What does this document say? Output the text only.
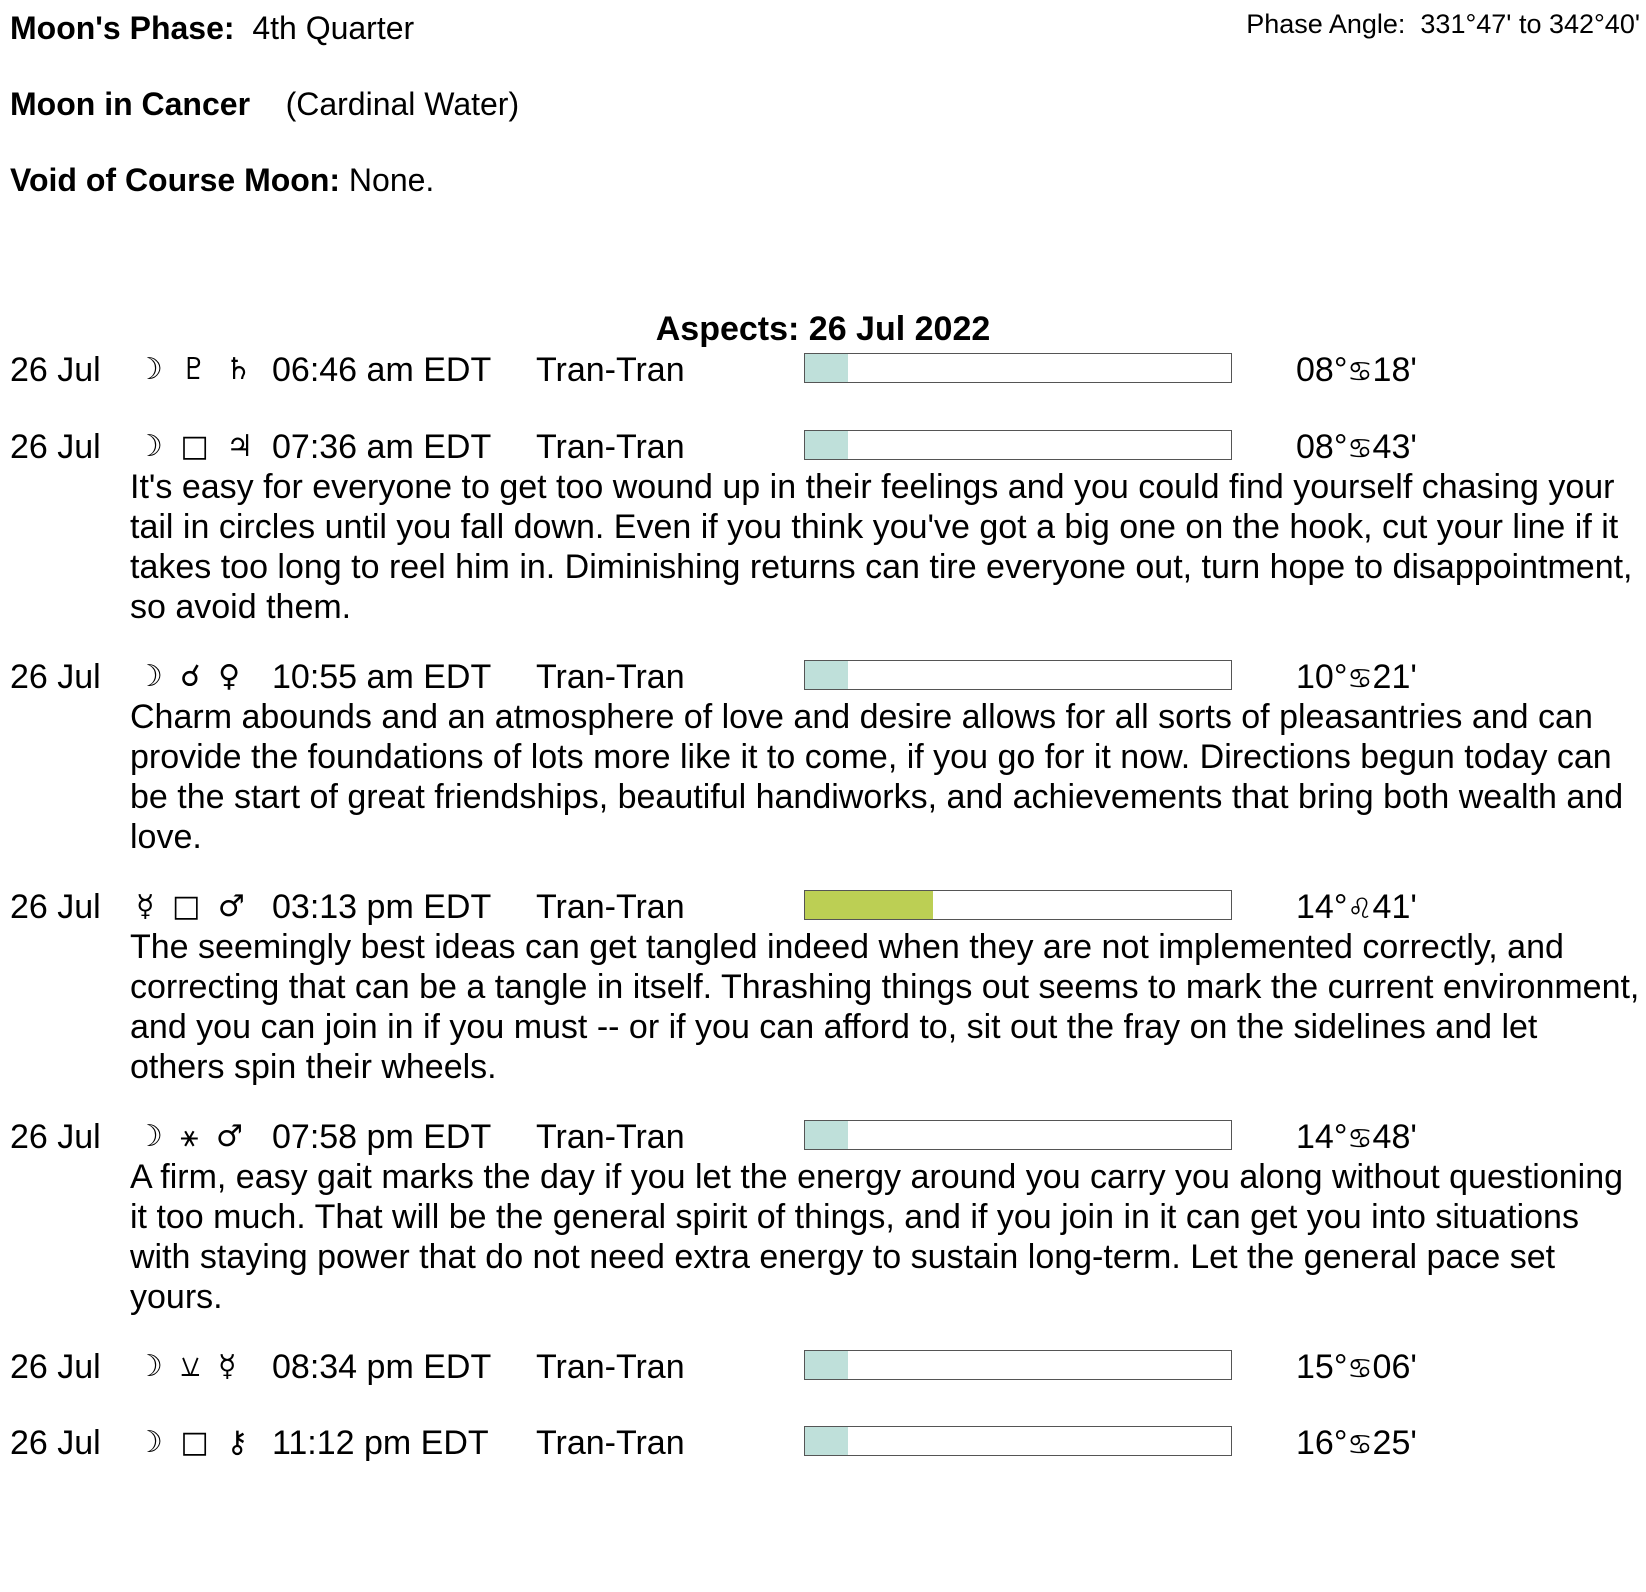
Moon's Phase: 4th Quarter	Phase Angle: 331°47' to 342°40'
Moon in Cancer (Cardinal Water)
Void of Course Moon: None.
Aspects: 26 Jul 2022
26 Jul ☽ ♇ ♄ 06:46 am EDT Tran-Tran	08°♋18'
26 Jul ☽ □ ♃ 07:36 am EDT Tran-Tran	08°♋43'

It's easy for everyone to get too wound up in their feelings and you could find yourself chasing your tail in circles until you fall down. Even if you think you've got a big one on the hook, cut your line if it takes too long to reel him in. Diminishing returns can tire everyone out, turn hope to disappointment, so avoid them.

26 Jul ☽ ☌ ♀ 10:55 am EDT Tran-Tran	10°♋21'

Charm abounds and an atmosphere of love and desire allows for all sorts of pleasantries and can provide the foundations of lots more like it to come, if you go for it now. Directions begun today can be the start of great friendships, beautiful handiworks, and achievements that bring both wealth and love.

26 Jul ☿ □ ♂ 03:13 pm EDT Tran-Tran	14°♌41'

The seemingly best ideas can get tangled indeed when they are not implemented correctly, and correcting that can be a tangle in itself. Thrashing things out seems to mark the current environment, and you can join in if you must -- or if you can afford to, sit out the fray on the sidelines and let others spin their wheels.

26 Jul ☽ ⚹ ♂ 07:58 pm EDT Tran-Tran	14°♋48'

A firm, easy gait marks the day if you let the energy around you carry you along without questioning it too much. That will be the general spirit of things, and if you join in it can get you into situations with staying power that do not need extra energy to sustain long-term. Let the general pace set yours.

26 Jul ☽ ⚺ ☿ 08:34 pm EDT Tran-Tran	15°♋06'
26 Jul ☽ □ ⚷ 11:12 pm EDT Tran-Tran	16°♋25'
